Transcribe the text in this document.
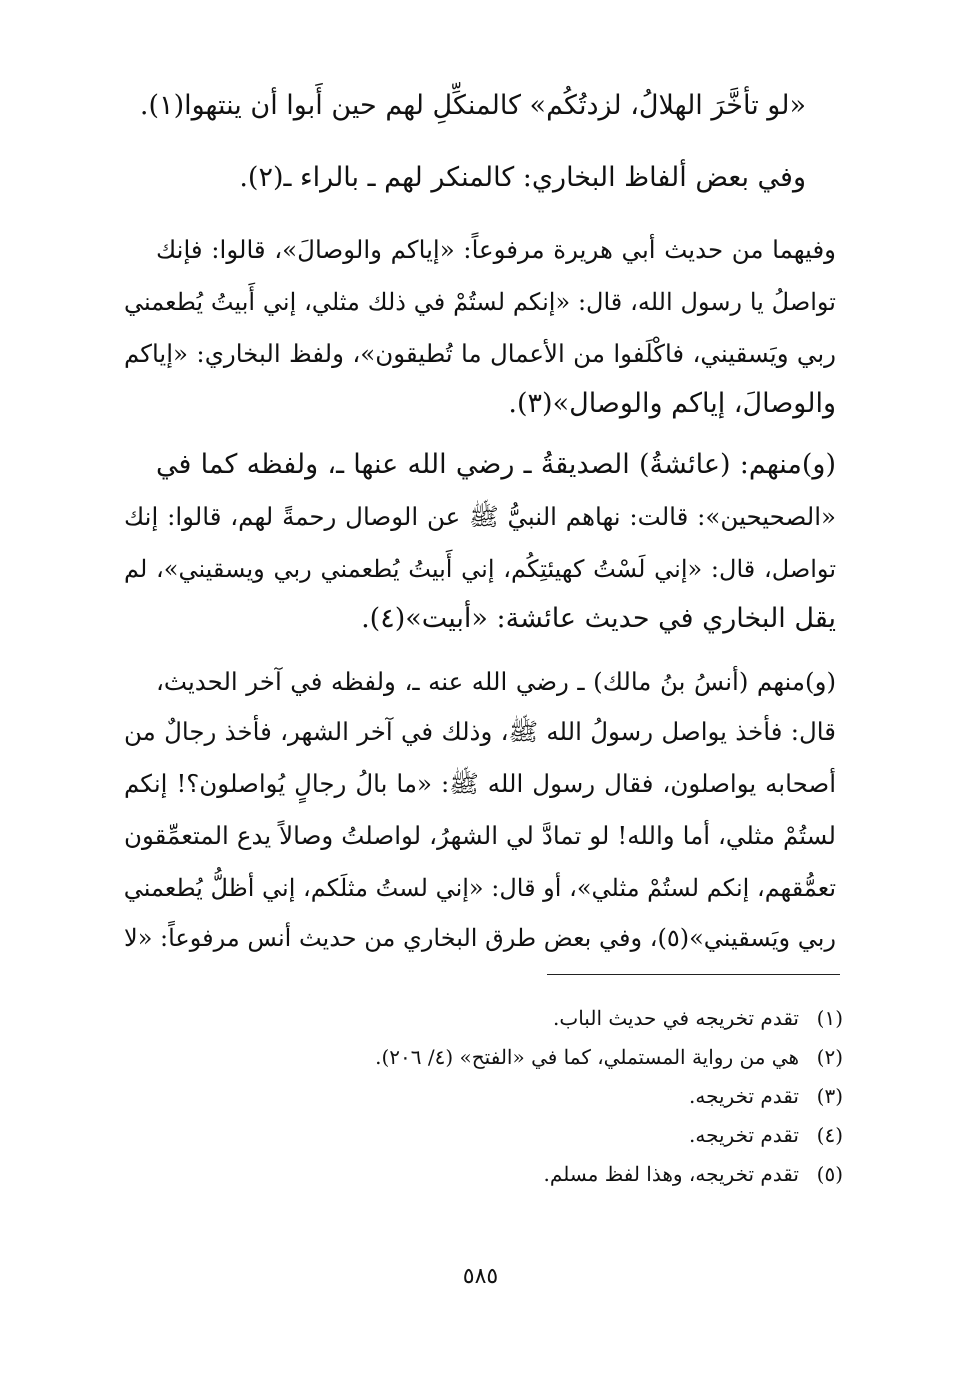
«لو تأخَّرَ الهلالُ، لزدتُكُم» كالمنكِّلِ لهم حين أَبوا أن ينتهوا(١).
وفي بعض ألفاظ البخاري: كالمنكر لهم ـ بالراء ـ(٢).
وفيهما من حديث أبي هريرة مرفوعاً: «إياكم والوصالَ»، قالوا: فإنك
تواصلُ يا رسول الله، قال: «إنكم لستُمْ في ذلك مثلي، إني أَبيتُ يُطعمني
ربي ويَسقيني، فاكْلَفوا من الأعمال ما تُطيقون»، ولفظ البخاري: «إياكم
والوصالَ، إياكم والوصال»(٣).
(و)منهم: (عائشةُ) الصديقةُ ـ رضي الله عنها ـ، ولفظه كما في
«الصحيحين»: قالت: نهاهم النبيُّ ﷺ عن الوصال رحمةً لهم، قالوا: إنك
تواصل، قال: «إني لَسْتُ كهيئتِكُم، إني أَبيتُ يُطعمني ربي ويسقيني»، لم
يقل البخاري في حديث عائشة: «أبيت»(٤).
(و)منهم (أنسُ بنُ مالك) ـ رضي الله عنه ـ، ولفظه في آخر الحديث،
قال: فأخذ يواصل رسولُ الله ﷺ، وذلك في آخر الشهر، فأخذ رجالٌ من
أصحابه يواصلون، فقال رسول الله ﷺ: «ما بالُ رجالٍ يُواصلون؟! إنكم
لستُمْ مثلي، أما والله! لو تمادَّ لي الشهرُ، لواصلتُ وصالاً يدع المتعمِّقون
تعمُّقهم، إنكم لستُمْ مثلي»، أو قال: «إني لستُ مثلَكم، إني أظلُّ يُطعمني
ربي ويَسقيني»(٥)، وفي بعض طرق البخاري من حديث أنس مرفوعاً: «لا
(١)تقدم تخريجه في حديث الباب.
(٢)هي من رواية المستملي، كما في «الفتح» (٤/ ٢٠٦).
(٣)تقدم تخريجه.
(٤)تقدم تخريجه.
(٥)تقدم تخريجه، وهذا لفظ مسلم.
٥٨٥
